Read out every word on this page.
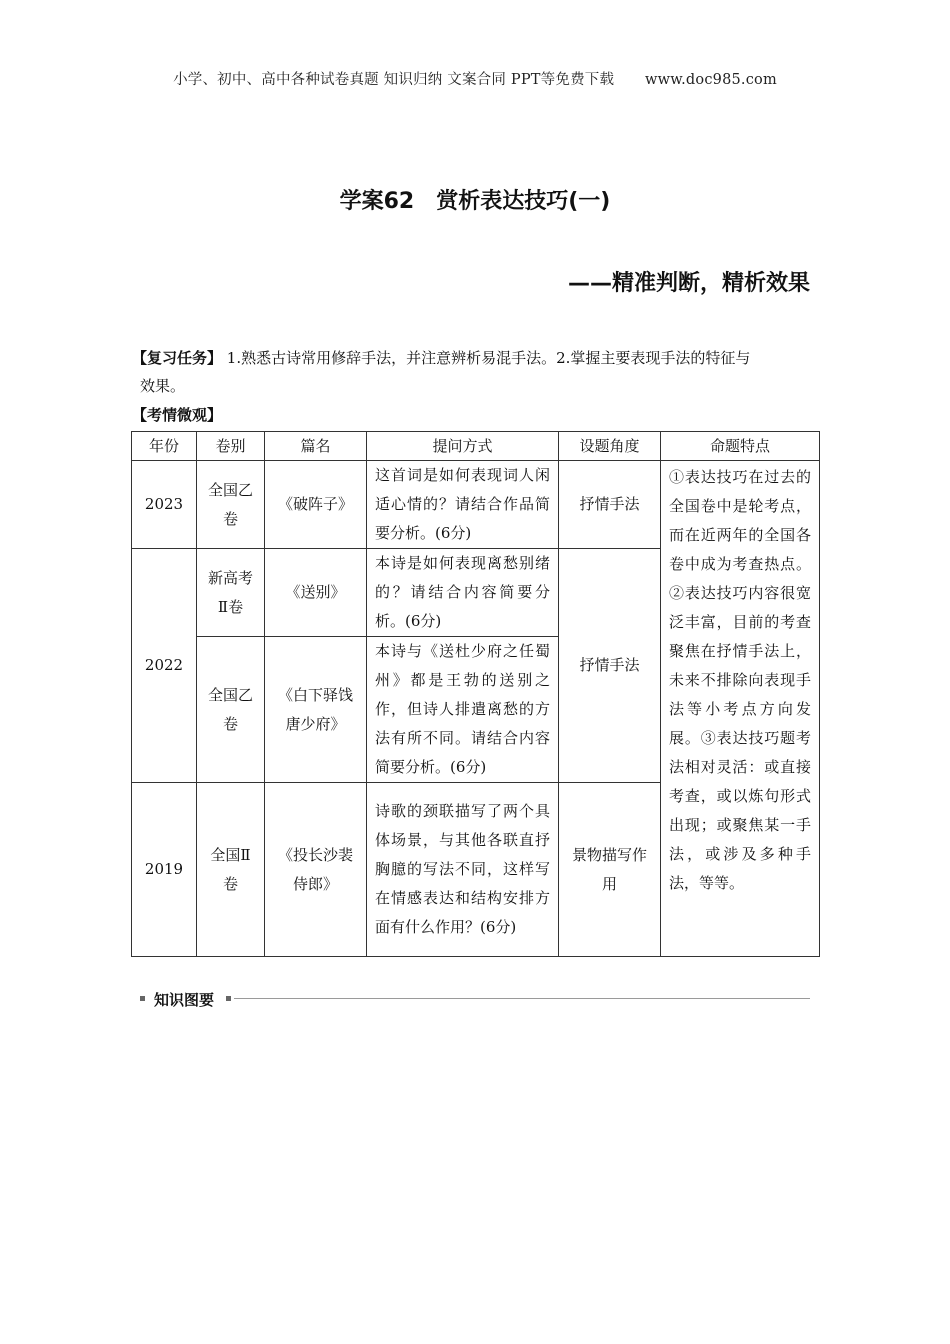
小学、初中、高中各种试卷真题 知识归纳 文案合同 PPT等免费下载 www.doc985.com
学案62　赏析表达技巧(一)
——精准判断，精析效果
【复习任务】 1.熟悉古诗常用修辞手法，并注意辨析易混手法。2.掌握主要表现手法的特征与
效果。
【考情微观】
年份	卷别	篇名	提问方式	设题角度	命题特点
2023	全国乙卷	《破阵子》	这首词是如何表现词人闲适心情的？请结合作品简要分析。(6分)	抒情手法	①表达技巧在过去的全国卷中是轮考点，而在近两年的全国各卷中成为考查热点。②表达技巧内容很宽泛丰富，目前的考查聚焦在抒情手法上，未来不排除向表现手法等小考点方向发展。③表达技巧题考法相对灵活：或直接考查，或以炼句形式出现；或聚焦某一手法，或涉及多种手法，等等。
2022	新高考Ⅱ卷	《送别》	本诗是如何表现离愁别绪的？请结合内容简要分析。(6分)	抒情手法	
	全国乙卷	《白下驿饯唐少府》	本诗与《送杜少府之任蜀州》都是王勃的送别之作，但诗人排遣离愁的方法有所不同。请结合内容简要分析。(6分)		
2019	全国Ⅱ卷	《投长沙裴侍郎》	诗歌的颈联描写了两个具体场景，与其他各联直抒胸臆的写法不同，这样写在情感表达和结构安排方面有什么作用？(6分)	景物描写作用	
知识图要
